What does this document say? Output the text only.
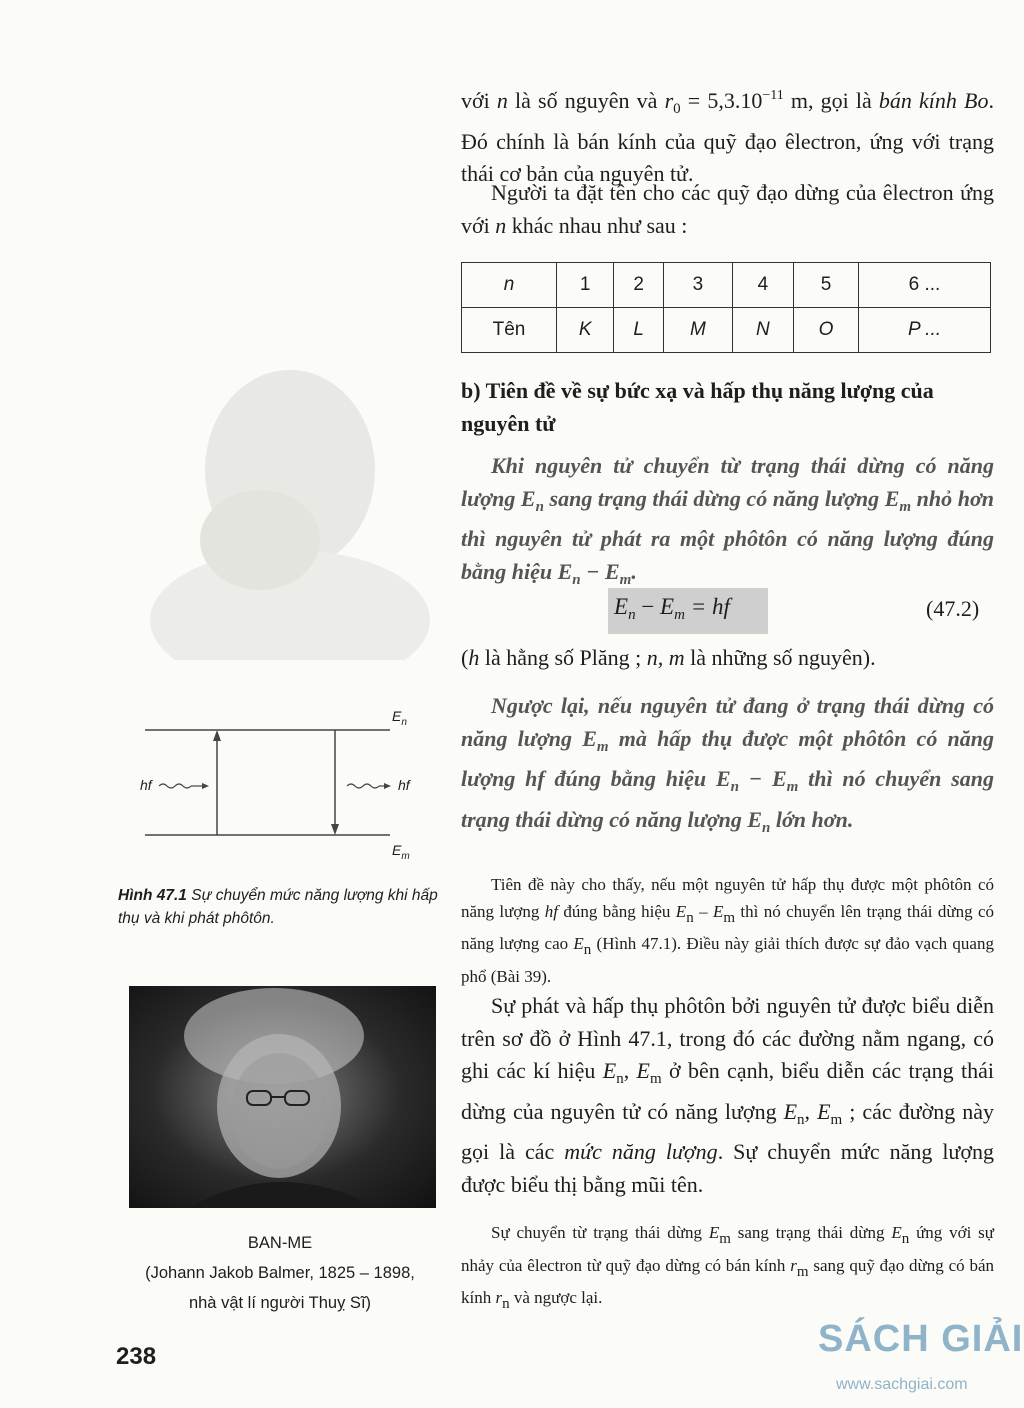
với n là số nguyên và $r_0 = 5,3.10^{-11}$ m, gọi là bán kính Bo. Đó chính là bán kính của quỹ đạo êlectron, ứng với trạng thái cơ bản của nguyên tử.
Người ta đặt tên cho các quỹ đạo dừng của êlectron ứng với n khác nhau như sau :
n	1	2	3	4	5	6 ...
Tên	K	L	M	N	O	P ...
b) Tiên đề về sự bức xạ và hấp thụ năng lượng của nguyên tử
Khi nguyên tử chuyển từ trạng thái dừng có năng lượng $E_n$ sang trạng thái dừng có năng lượng $E_m$ nhỏ hơn thì nguyên tử phát ra một phôtôn có năng lượng đúng bằng hiệu $E_n - E_m$.
$E_n - E_m$ = hf	(47.2)
(h là hằng số Plăng ; n, m là những số nguyên).
Ngược lại, nếu nguyên tử đang ở trạng thái dừng có năng lượng $E_m$ mà hấp thụ được một phôtôn có năng lượng hf đúng bằng hiệu $E_n - E_m$ thì nó chuyển sang trạng thái dừng có năng lượng $E_n$ lớn hơn.
Tiên đề này cho thấy, nếu một nguyên tử hấp thụ được một phôtôn có năng lượng hf đúng bằng hiệu En – Em thì nó chuyển lên trạng thái dừng có năng lượng cao En (Hình 47.1). Điều này giải thích được sự đảo vạch quang phổ (Bài 39).
Sự phát và hấp thụ phôtôn bởi nguyên tử được biểu diễn trên sơ đồ ở Hình 47.1, trong đó các đường nằm ngang, có ghi các kí hiệu $E_n$, $E_m$ ở bên cạnh, biểu diễn các trạng thái dừng của nguyên tử có năng lượng $E_n$, $E_m$ ; các đường này gọi là các mức năng lượng. Sự chuyển mức năng lượng được biểu thị bằng mũi tên.
Sự chuyển từ trạng thái dừng Em sang trạng thái dừng En ứng với sự nhảy của êlectron từ quỹ đạo dừng có bán kính rm sang quỹ đạo dừng có bán kính rn và ngược lại.
$E_n$
$E_m$
hf	hf
Hình 47.1 Sự chuyển mức năng lượng khi hấp thụ và khi phát phôtôn.
BAN-ME
(Johann Jakob Balmer, 1825 – 1898,
nhà vật lí người Thuỵ Sĩ)
238	SÁCH GIẢI
www.sachgiai.com
